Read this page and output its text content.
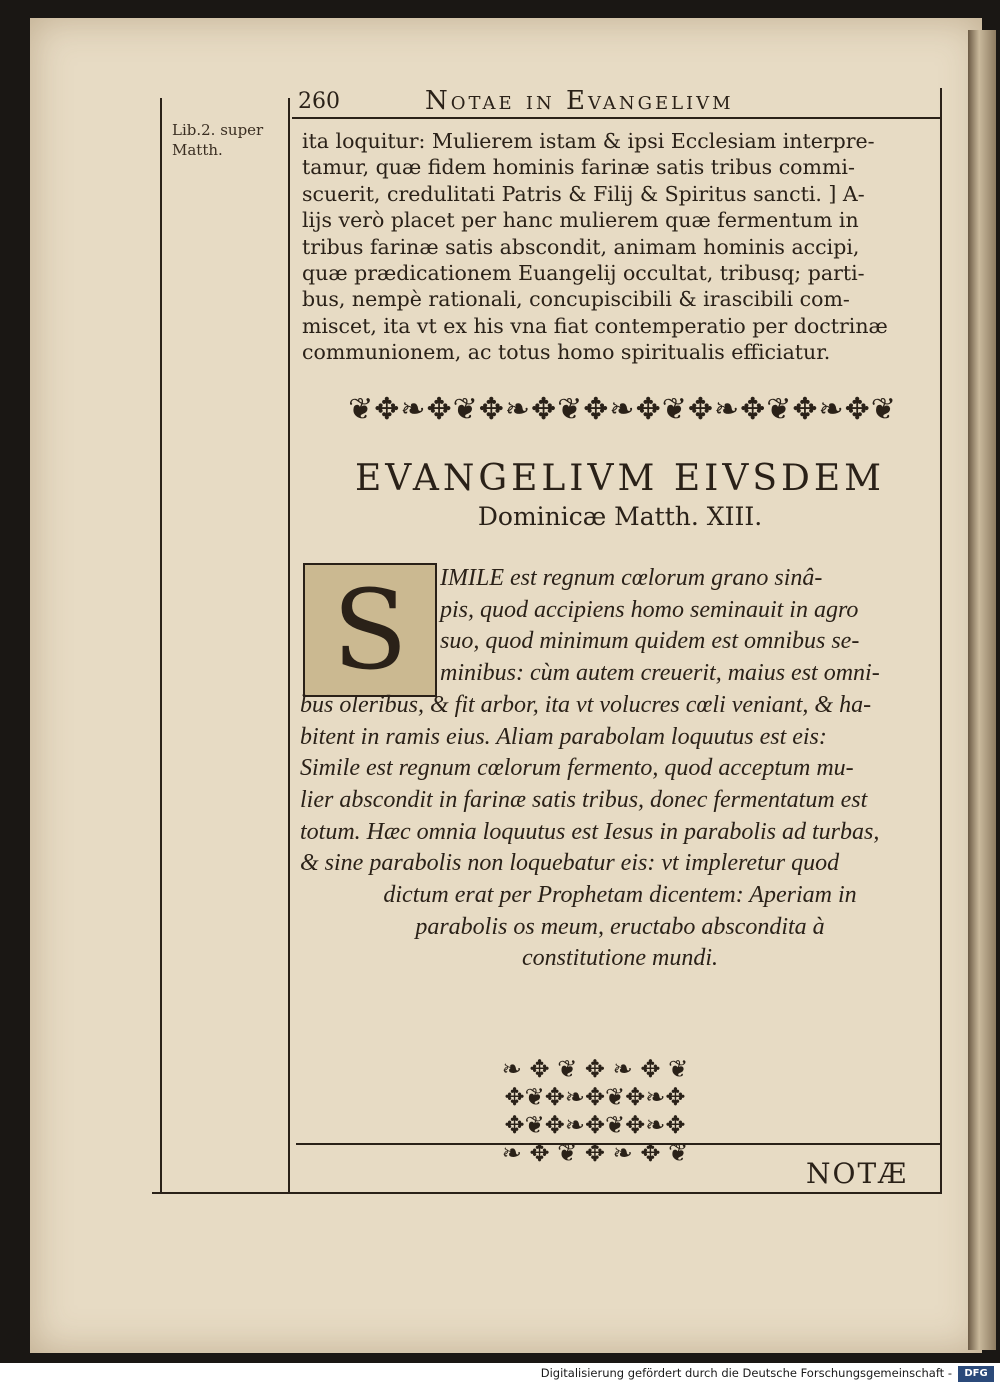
260	Notae in Evangelivm
Lib.2. super Matth.	ita loquitur: Mulierem istam & ipsi Ecclesiam interpre-
tamur, quæ fidem hominis farinæ satis tribus commi-
scuerit, credulitati Patris & Filij & Spiritus sancti. ] A-
lijs verò placet per hanc mulierem quæ fermentum in
tribus farinæ satis abscondit, animam hominis accipi,
quæ prædicationem Euangelij occultat, tribusq; parti-
bus, nempè rationali, concupiscibili & irascibili com-
miscet, ita vt ex his vna fiat contemperatio per doctrinæ
communionem, ac totus homo spiritualis efficiatur.
❦✥❧✥❦✥❧✥❦✥❧✥❦✥❧✥❦✥❧✥❦
EVANGELIVM EIVSDEM
Dominicæ Matth. XIII.
S	IMILE est regnum cœlorum grano sinâ-
pis, quod accipiens homo seminauit in agro
suo, quod minimum quidem est omnibus se-
minibus: cùm autem creuerit, maius est omni-
bus oleribus, & fit arbor, ita vt volucres cœli veniant, & ha-
bitent in ramis eius. Aliam parabolam loquutus est eis:
Simile est regnum cœlorum fermento, quod acceptum mu-
lier abscondit in farinæ satis tribus, donec fermentatum est
totum. Hæc omnia loquutus est Iesus in parabolis ad turbas,
& sine parabolis non loquebatur eis: vt impleretur quod
dictum erat per Prophetam dicentem: Aperiam in
parabolis os meum, eructabo abscondita à
constitutione mundi.
❧ ✥ ❦ ✥ ❧ ✥ ❦
✥❦✥❧✥❦✥❧✥
✥❦✥❧✥❦✥❧✥
❧ ✥ ❦ ✥ ❧ ✥ ❦
NOTÆ
Digitalisierung gefördert durch die Deutsche Forschungsgemeinschaft -	DFG
